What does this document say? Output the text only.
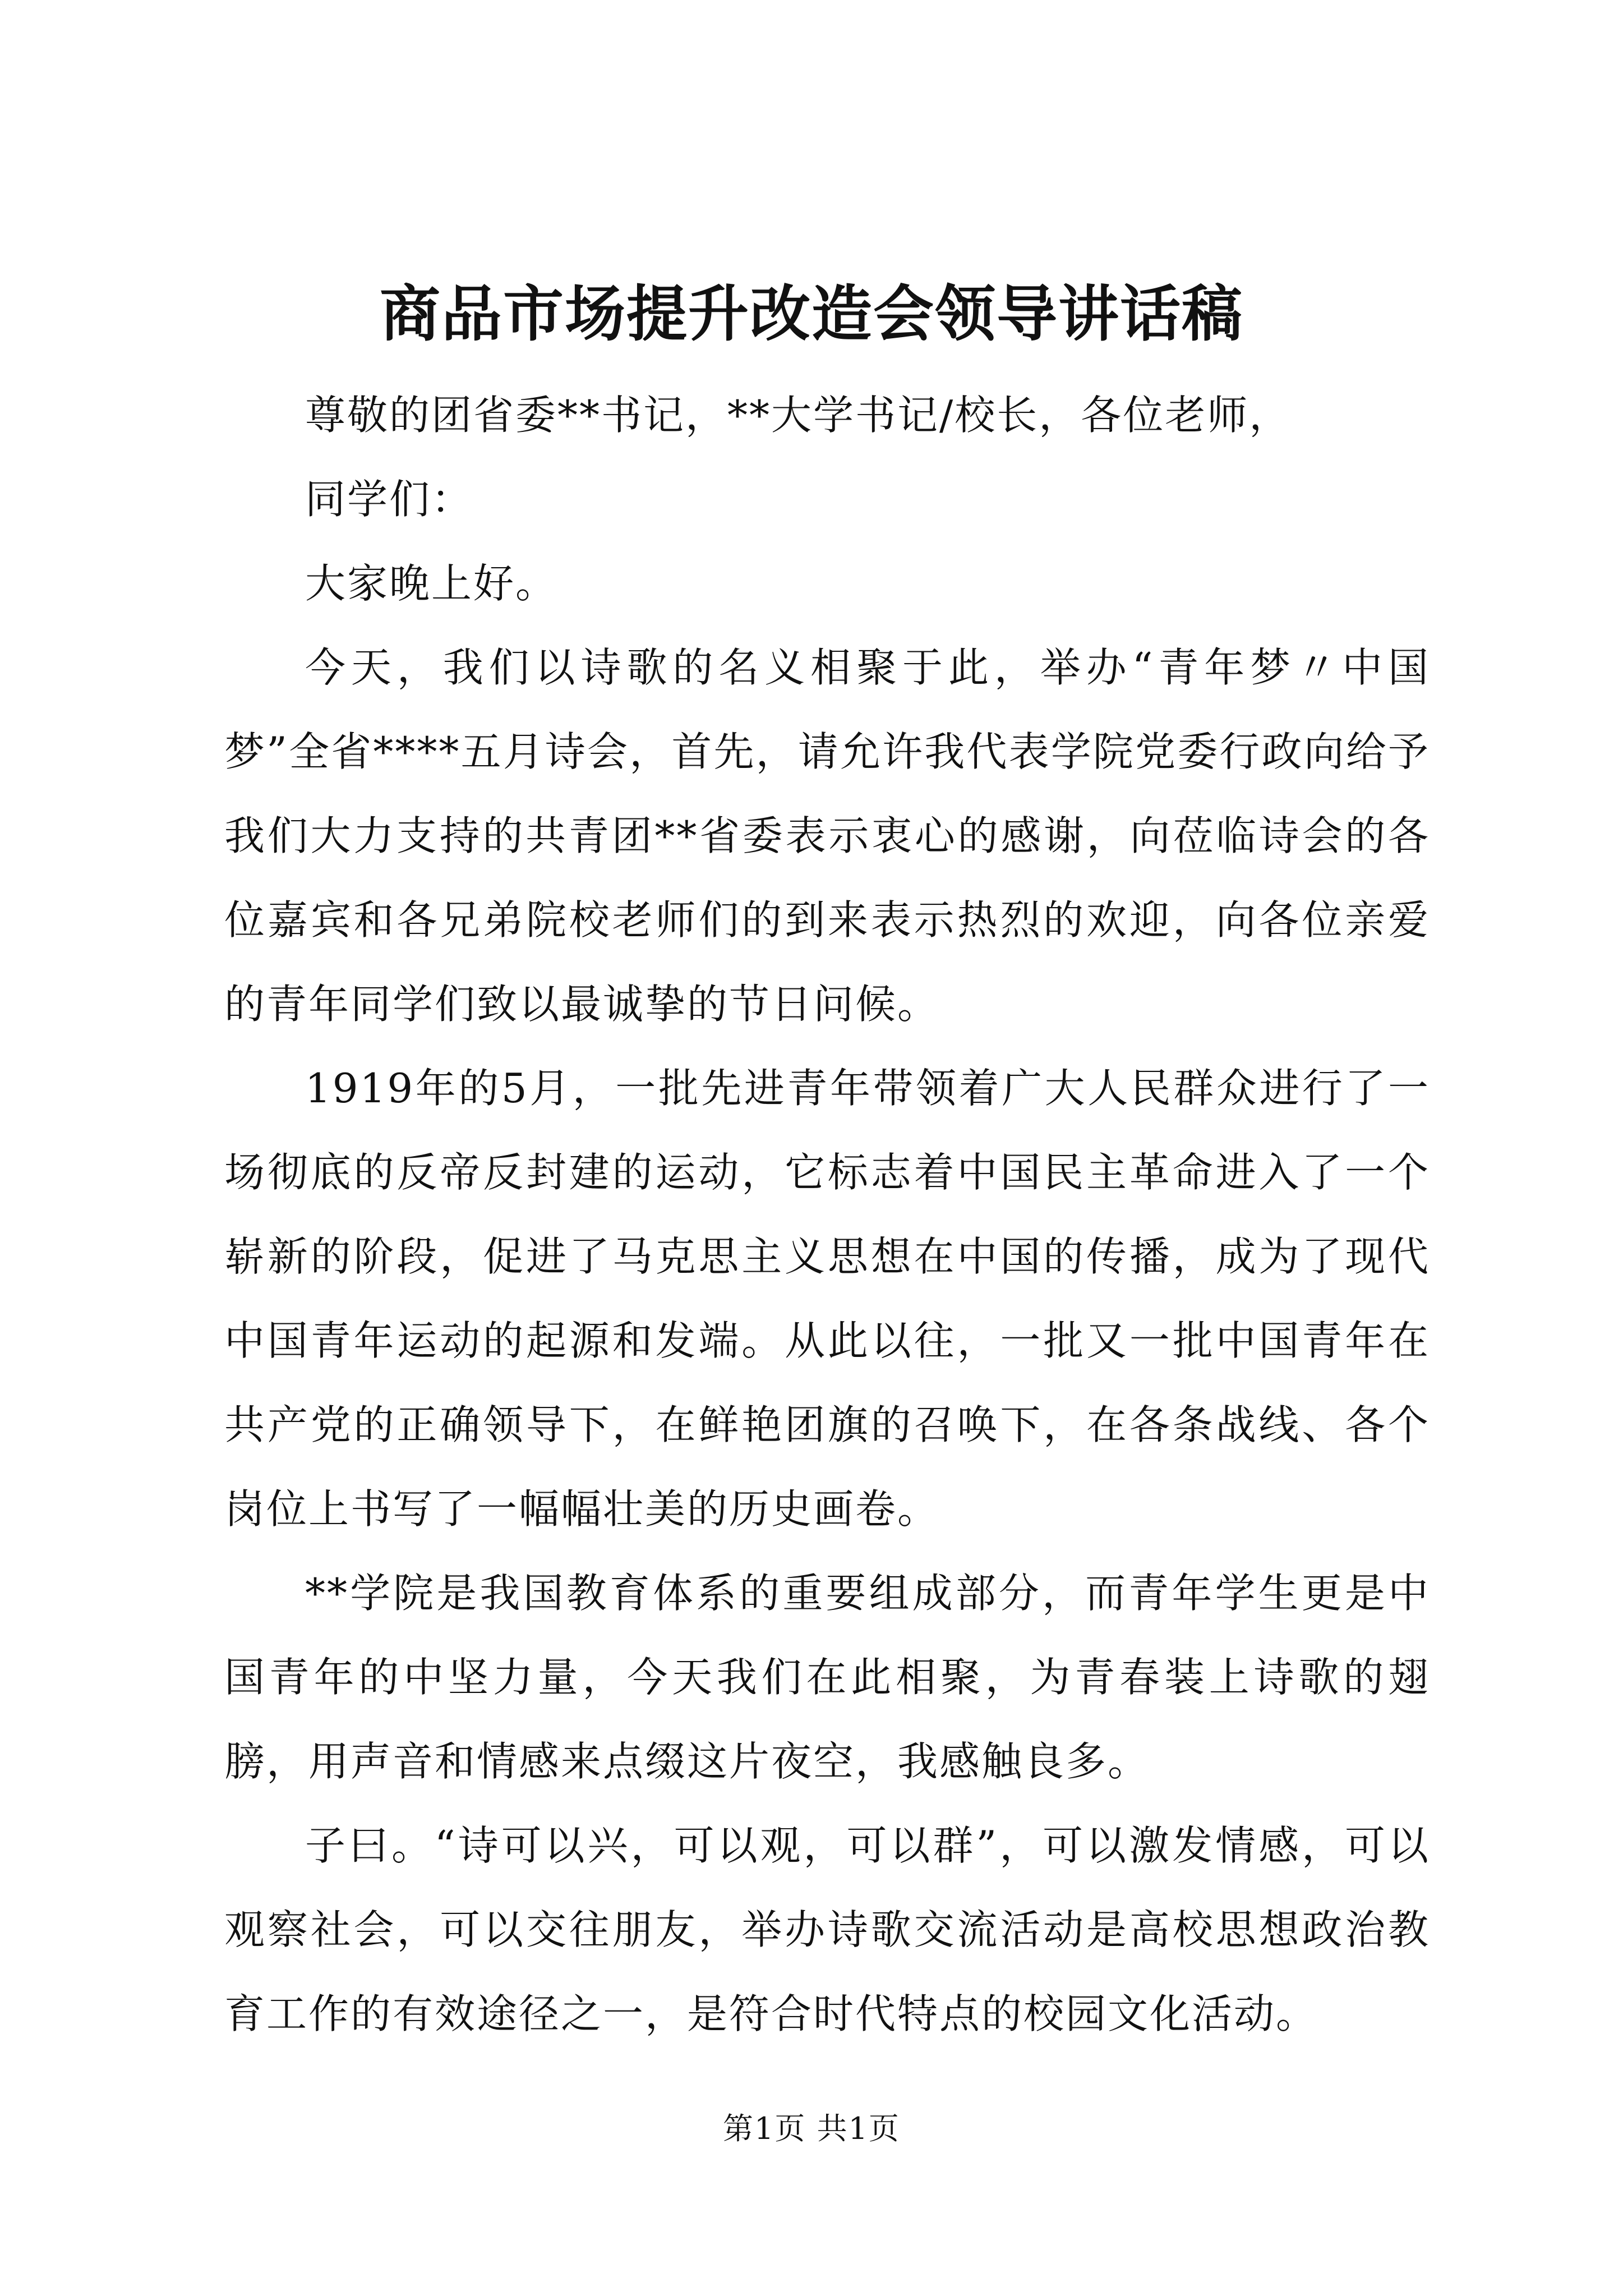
商品市场提升改造会领导讲话稿

尊敬的团省委**书记，**大学书记/校长，各位老师，

同学们：

大家晚上好。

今天，我们以诗歌的名义相聚于此，举办“青年梦〃中国梦”全省****五月诗会，首先，请允许我代表学院党委行政向给予我们大力支持的共青团**省委表示衷心的感谢，向莅临诗会的各位嘉宾和各兄弟院校老师们的到来表示热烈的欢迎，向各位亲爱的青年同学们致以最诚挚的节日问候。

1919年的5月，一批先进青年带领着广大人民群众进行了一场彻底的反帝反封建的运动，它标志着中国民主革命进入了一个崭新的阶段，促进了马克思主义思想在中国的传播，成为了现代中国青年运动的起源和发端。从此以往，一批又一批中国青年在共产党的正确领导下，在鲜艳团旗的召唤下，在各条战线、各个岗位上书写了一幅幅壮美的历史画卷。

**学院是我国教育体系的重要组成部分，而青年学生更是中国青年的中坚力量，今天我们在此相聚，为青春装上诗歌的翅膀，用声音和情感来点缀这片夜空，我感触良多。

子曰。“诗可以兴，可以观，可以群”，可以激发情感，可以观察社会，可以交往朋友，举办诗歌交流活动是高校思想政治教育工作的有效途径之一，是符合时代特点的校园文化活动。

第1页 共1页
